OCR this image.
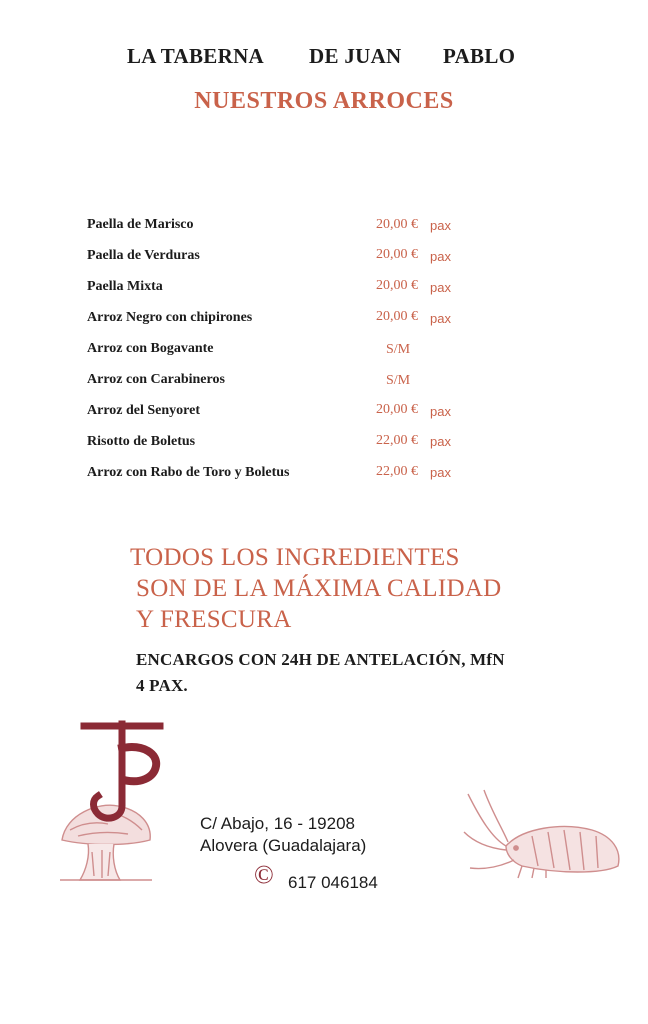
LA TABERNA DE JUAN PABLO
NUESTROS ARROCES
Paella de Marisco	20,00 € pax
Paella de Verduras	20,00 € pax
Paella Mixta	20,00 € pax
Arroz Negro con chipirones	20,00 € pax
Arroz con Bogavante	S/M
Arroz con Carabineros	S/M
Arroz del Senyoret	20,00 € pax
Risotto de Boletus	22,00 € pax
Arroz con Rabo de Toro y Boletus	22,00 € pax
TODOS LOS INGREDIENTES
SON DE LA MÁXIMA CALIDAD
Y FRESCURA
ENCARGOS CON 24H DE ANTELACIÓN, MfN
4 PAX.
C/ Abajo, 16 - 19208
Alovera (Guadalajara)
© 617 046184
